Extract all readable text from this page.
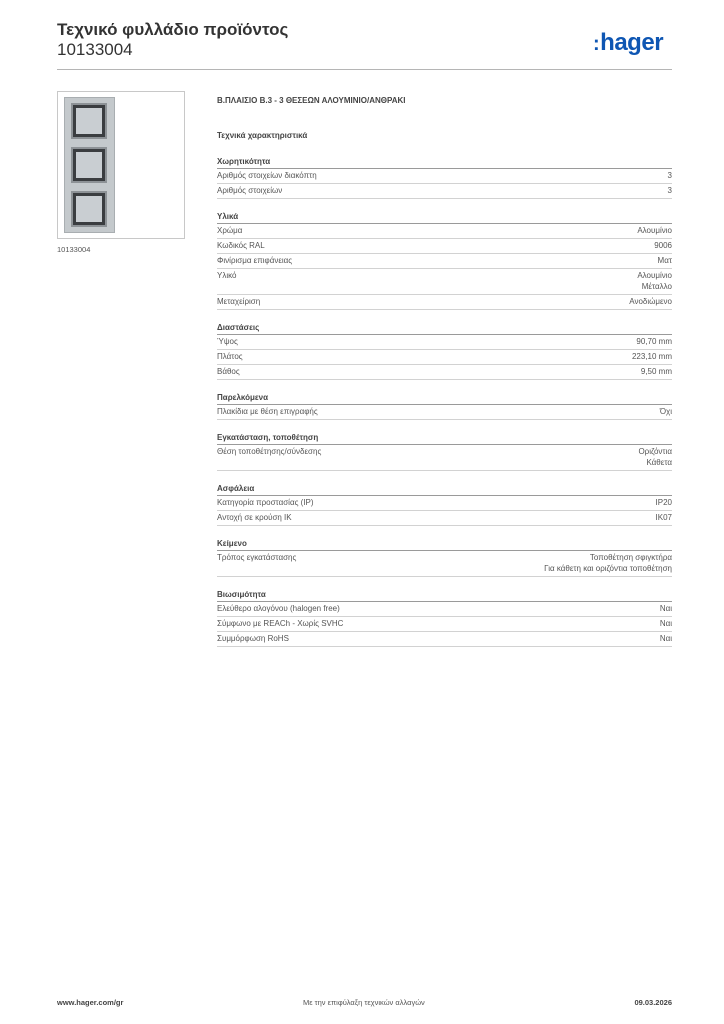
Τεχνικό φυλλάδιο προϊόντος
10133004	:hager
10133004
B.ΠΛΑΙΣΙΟ B.3 - 3 ΘΕΣΕΩΝ ΑΛΟΥΜΙΝΙΟ/ΑΝΘΡΑΚΙ
Τεχνικά χαρακτηριστικά
Χωρητικότητα
Αριθμός στοιχείων διακόπτη	3
Αριθμός στοιχείων	3
Υλικά
Χρώμα	Αλουμίνιο
Κωδικός RAL	9006
Φινίρισμα επιφάνειας	Ματ
Υλικό	Αλουμίνιο
Μέταλλο
Μεταχείριση	Ανοδιώμενο
Διαστάσεις
Ύψος	90,70 mm
Πλάτος	223,10 mm
Βάθος	9,50 mm
Παρελκόμενα
Πλακίδια με θέση επιγραφής	Όχι
Εγκατάσταση, τοποθέτηση
Θέση τοποθέτησης/σύνδεσης	Οριζόντια
Κάθετα
Ασφάλεια
Κατηγορία προστασίας (IP)	IP20
Αντοχή σε κρούση IK	IK07
Κείμενο
Τρόπος εγκατάστασης	Τοποθέτηση σφιγκτήρα
Για κάθετη και οριζόντια τοποθέτηση
Βιωσιμότητα
Ελεύθερο αλογόνου (halogen free)	Ναι
Σύμφωνο με REACh - Χωρίς SVHC	Ναι
Συμμόρφωση RoHS	Ναι
www.hager.com/gr	Με την επιφύλαξη τεχνικών αλλαγών	09.03.2026
